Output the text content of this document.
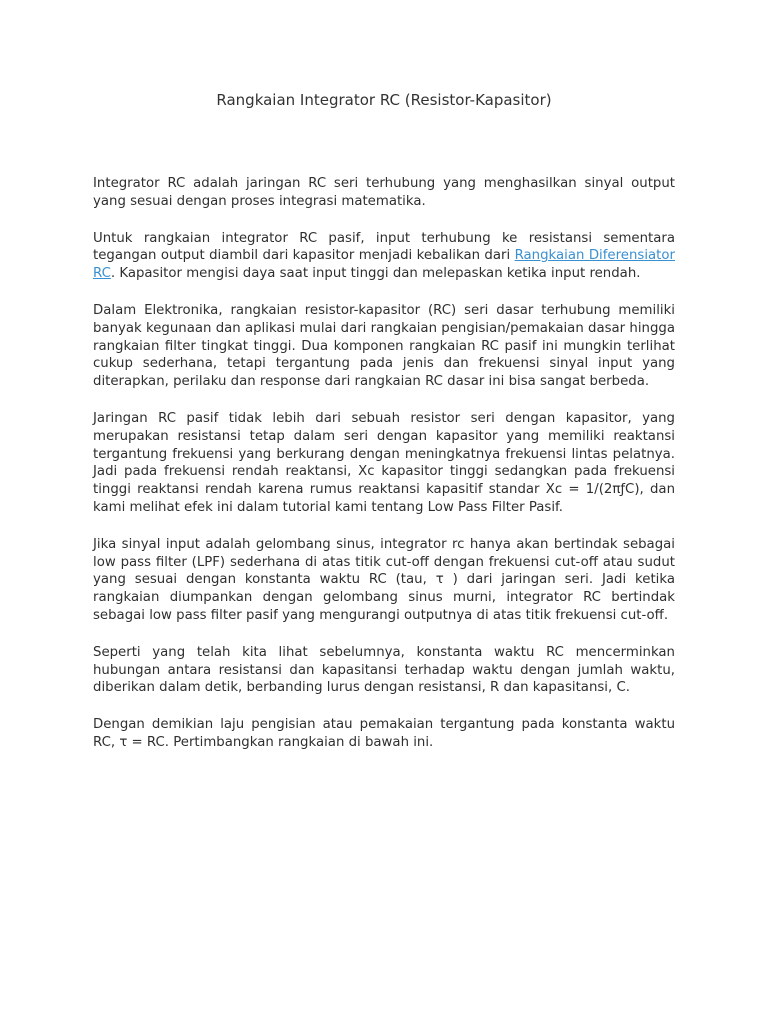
Rangkaian Integrator RC (Resistor-Kapasitor)

Integrator RC adalah jaringan RC seri terhubung yang menghasilkan sinyal output yang sesuai dengan proses integrasi matematika.

Untuk rangkaian integrator RC pasif, input terhubung ke resistansi sementara tegangan output diambil dari kapasitor menjadi kebalikan dari Rangkaian Diferensiator RC. Kapasitor mengisi daya saat input tinggi dan melepaskan ketika input rendah.

Dalam Elektronika, rangkaian resistor-kapasitor (RC) seri dasar terhubung memiliki banyak kegunaan dan aplikasi mulai dari rangkaian pengisian/pemakaian dasar hingga rangkaian filter tingkat tinggi. Dua komponen rangkaian RC pasif ini mungkin terlihat cukup sederhana, tetapi tergantung pada jenis dan frekuensi sinyal input yang diterapkan, perilaku dan response dari rangkaian RC dasar ini bisa sangat berbeda.

Jaringan RC pasif tidak lebih dari sebuah resistor seri dengan kapasitor, yang merupakan resistansi tetap dalam seri dengan kapasitor yang memiliki reaktansi tergantung frekuensi yang berkurang dengan meningkatnya frekuensi lintas pelatnya. Jadi pada frekuensi rendah reaktansi, Xc kapasitor tinggi sedangkan pada frekuensi tinggi reaktansi rendah karena rumus reaktansi kapasitif standar Xc = 1/(2πƒC), dan kami melihat efek ini dalam tutorial kami tentang Low Pass Filter Pasif.

Jika sinyal input adalah gelombang sinus, integrator rc hanya akan bertindak sebagai low pass filter (LPF) sederhana di atas titik cut-off dengan frekuensi cut-off atau sudut yang sesuai dengan konstanta waktu RC (tau, τ ) dari jaringan seri. Jadi ketika rangkaian diumpankan dengan gelombang sinus murni, integrator RC bertindak sebagai low pass filter pasif yang mengurangi outputnya di atas titik frekuensi cut-off.

Seperti yang telah kita lihat sebelumnya, konstanta waktu RC mencerminkan hubungan antara resistansi dan kapasitansi terhadap waktu dengan jumlah waktu, diberikan dalam detik, berbanding lurus dengan resistansi, R dan kapasitansi, C.

Dengan demikian laju pengisian atau pemakaian tergantung pada konstanta waktu RC, τ = RC. Pertimbangkan rangkaian di bawah ini.
